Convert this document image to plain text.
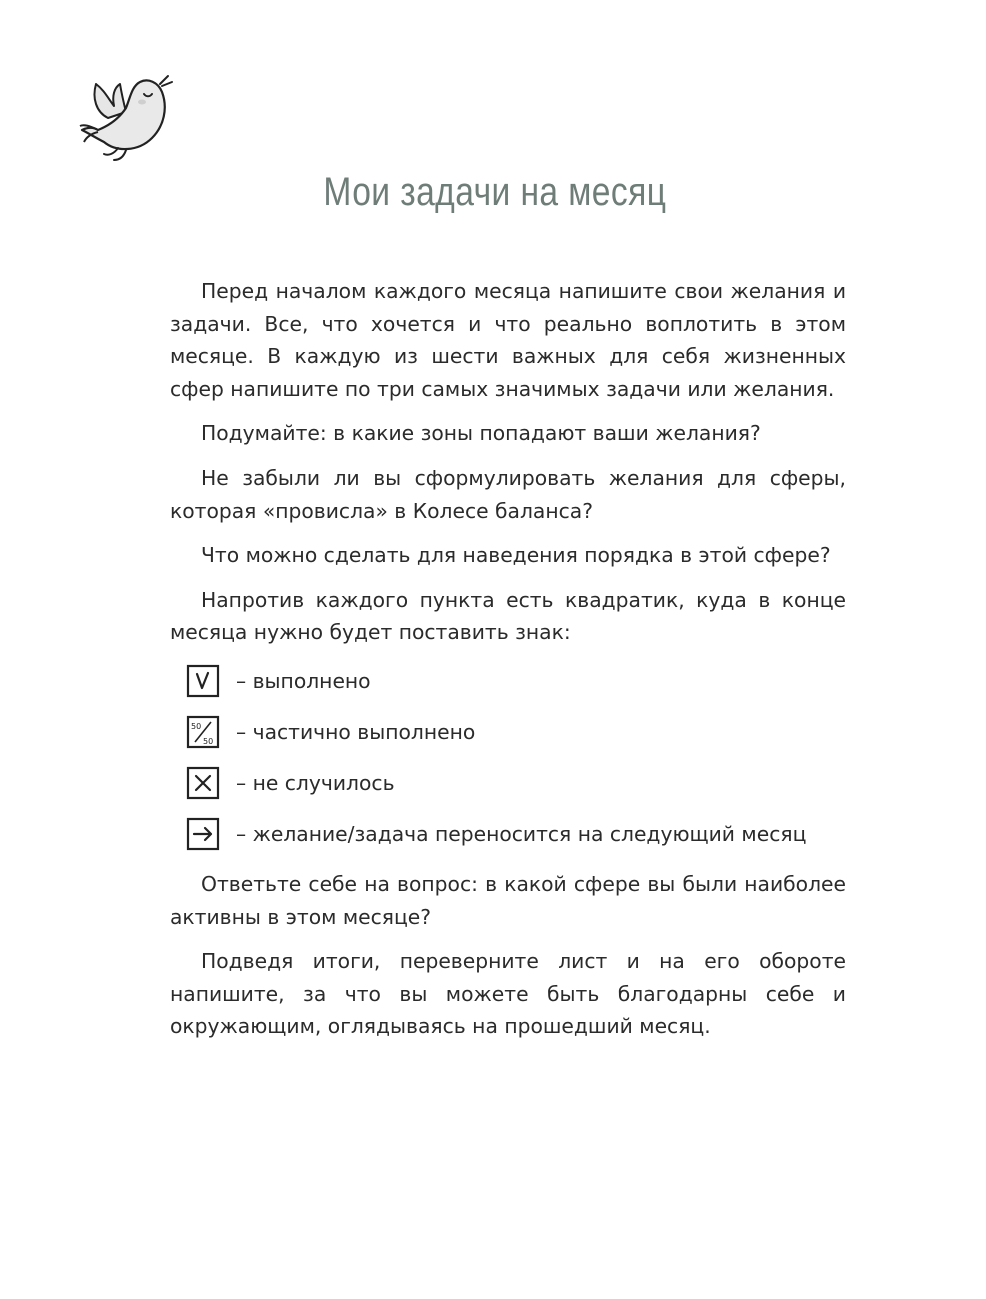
Мои задачи на месяц

Перед началом каждого месяца напишите свои желания и задачи. Все, что хочется и что реально воплотить в этом месяце. В каждую из шести важных для себя жизненных сфер напишите по три самых значимых задачи или желания.

Подумайте: в какие зоны попадают ваши желания?

Не забыли ли вы сформулировать желания для сферы, которая «провисла» в Колесе баланса?

Что можно сделать для наведения порядка в этой сфере?

Напротив каждого пункта есть квадратик, куда в конце месяца нужно будет поставить знак:

– выполнено
50
50 – частично выполнено
– не случилось
– желание/задача переносится на следующий месяц

Ответьте себе на вопрос: в какой сфере вы были наиболее активны в этом месяце?

Подведя итоги, переверните лист и на его обороте напишите, за что вы можете быть благодарны себе и окружающим, оглядываясь на прошедший месяц.
